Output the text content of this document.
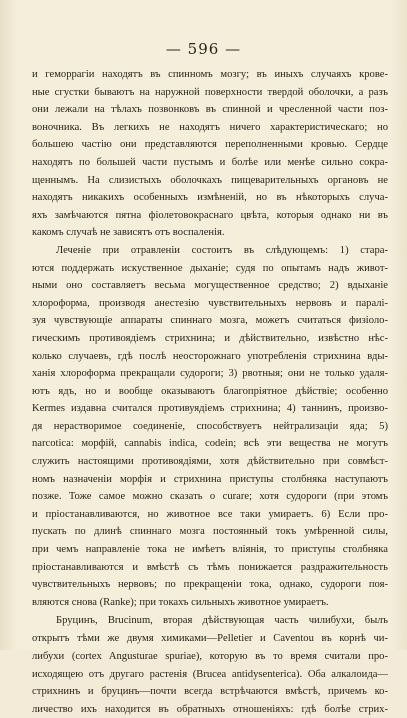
— 596 —
и геморрагіи находятъ въ спинномъ мозгу; въ иныхъ случаяхъ крове-
ные сгустки бываютъ на наружной поверхности твердой оболочки, а разъ
они лежали на тѣлахъ позвонковъ въ спинной и чресленной части поз-
воночника. Въ легкихъ не находятъ ничего характеристическаго; но
большею частію они представляются переполненными кровью. Сердце
находятъ по большей части пустымъ и болѣе или менѣе сильно сокра-
щеннымъ. На слизистыхъ оболочкахъ пищеварительныхъ органовъ не
находятъ никакихъ особенныхъ измѣненій, но въ нѣкоторыхъ случа-
яхъ замѣчаются пятна фіолетовокраснаго цвѣта, которыя однако ни въ
какомъ случаѣ не зависятъ отъ воспаленія.
Леченіе при отравленіи состоитъ въ слѣдующемъ: 1) стара-
ются поддержать искуственное дыханіе; судя по опытамъ надъ живот-
ными оно составляетъ весьма могущественное средство; 2) вдыханіе
хлороформа, производя анестезію чувствительныхъ нервовъ и паралі-
зуя чувствующіе аппараты спиннаго мозга, можетъ считаться физіоло-
гическимъ противоядіемъ стрихнина; и дѣйствительно, извѣстно нѣс-
колько случаевъ, гдѣ послѣ неосторожнаго употребленія стрихнина вды-
ханія хлороформа прекращали судороги; 3) рвотныя; они не только удаля-
ютъ ядъ, но и вообще оказываютъ благопріятное дѣйствіе; особенно
Kermes издавна считался противуядіемъ стрихнина; 4) таннинъ, произво-
дя нерастворимое соединеніе, способствуетъ нейтрализаціи яда; 5)
narcotica: морфій, cannabis indica, codein; всѣ эти вещества не могутъ
служить настоящими противоядіями, хотя дѣйствительно при совмѣст-
номъ назначеніи морфія и стрихнина приступы столбняка наступаютъ
позже. Тоже самое можно сказать о curare; хотя судороги (при этомъ
и пріостанавливаются, но животное все таки умираетъ. 6) Если про-
пускать по длинѣ спиннаго мозга постоянный токъ умѣренной силы,
при чемъ направленіе тока не имѣетъ вліянія, то приступы столбняка
пріостанавливаются и вмѣстѣ съ тѣмъ понижается раздражительность
чувствительныхъ нервовъ; по прекращеніи тока, однако, судороги поя-
вляются снова (Ranke); при токахъ сильныхъ животное умираетъ.
Бруцинъ, Brucinum, вторая дѣйствующая часть чилибухи, былъ
открытъ тѣми же двумя химиками—Pelletier и Caventou въ корнѣ чи-
либухи (cortex Angusturae spuriae), которую въ то время считали про-
исходящею отъ другаго растенія (Brucea antidysenterica). Оба алкалоида—
стрихнинъ и бруцинъ—почти всегда встрѣчаются вмѣстѣ, причемъ ко-
личество ихъ находится въ обратныхъ отношеніяхъ: гдѣ болѣе стрих-
